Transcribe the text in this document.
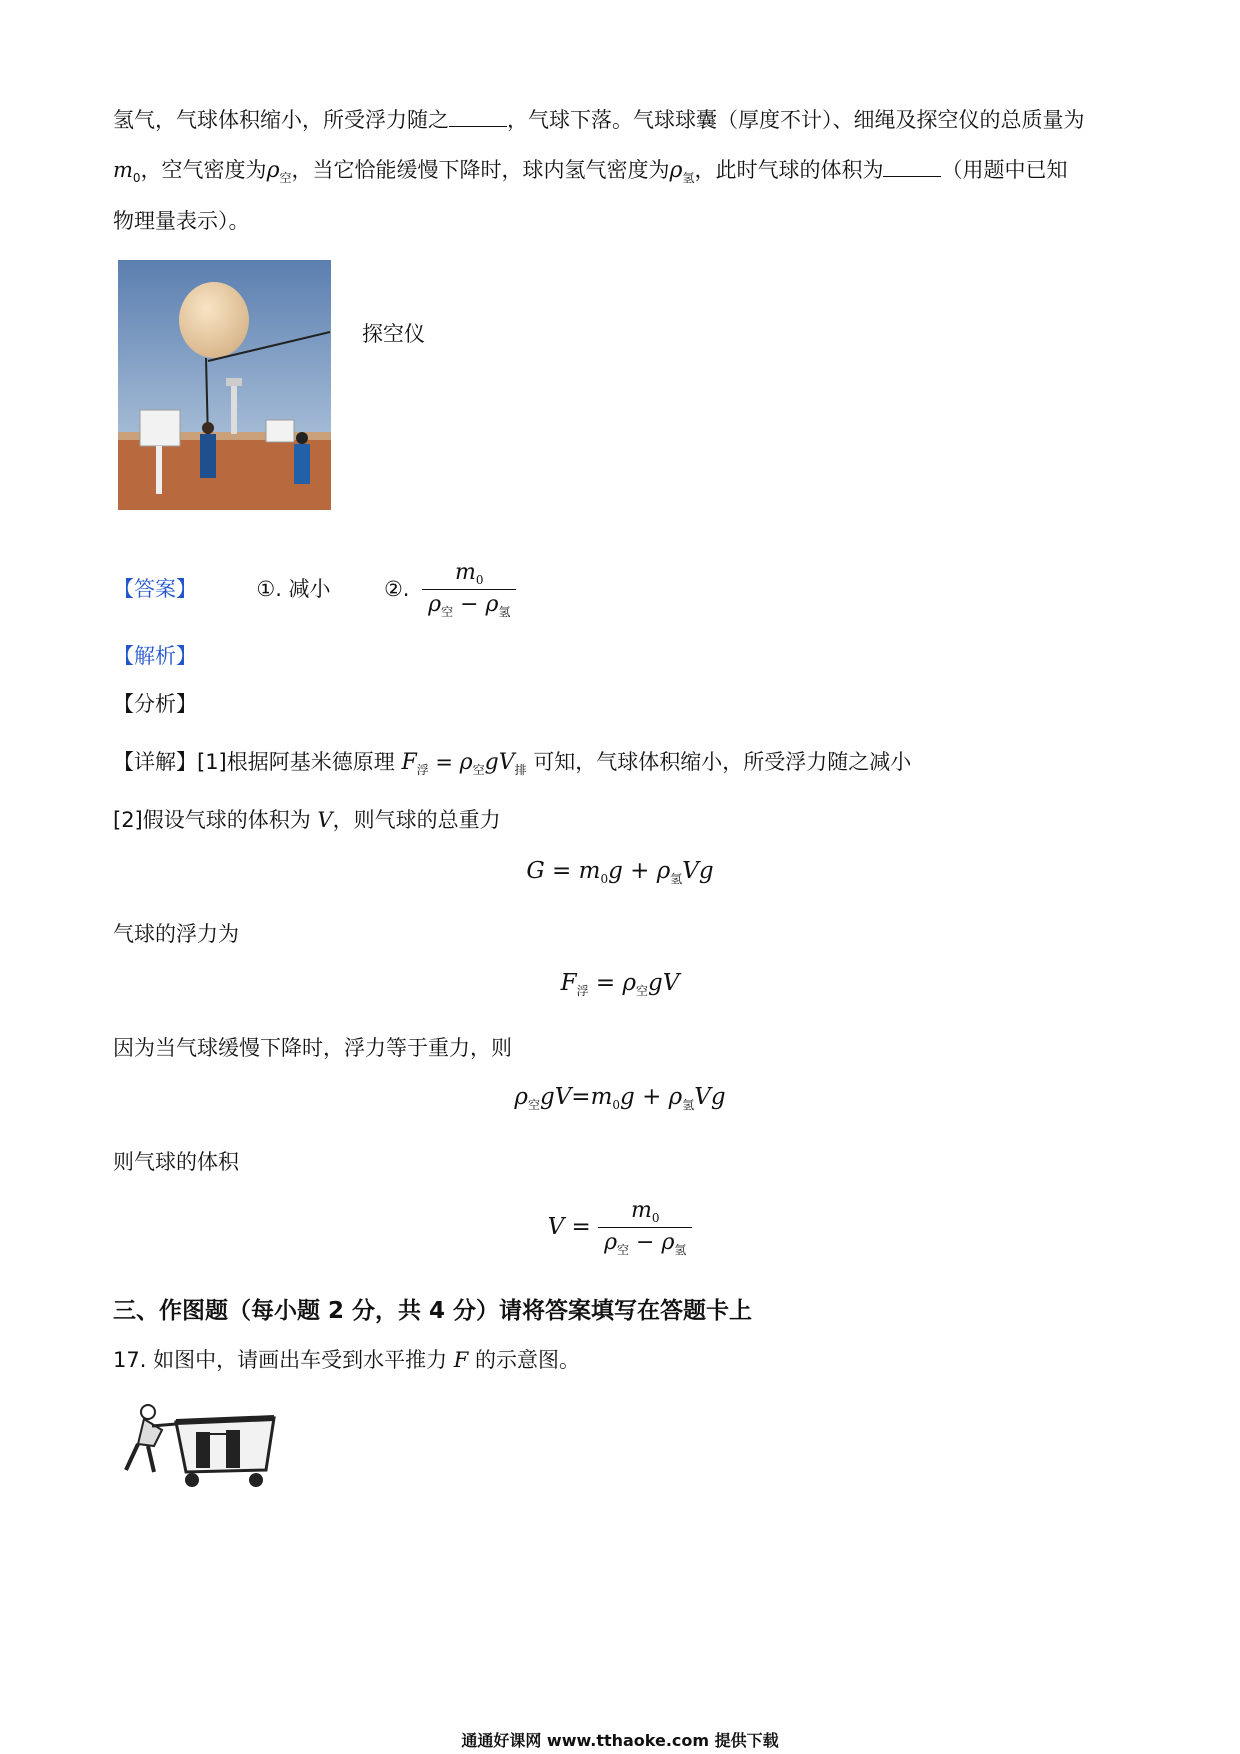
氢气，气球体积缩小，所受浮力随之	，气球下落。气球球囊（厚度不计）、细绳及探空仪的总质量为
$m_0$，空气密度为$\rho_空$，当它恰能缓慢下降时，球内氢气密度为$\rho_氢$，此时气球的体积为	（用题中已知
物理量表示）。
探空仪
【答案】	①. 减小	②. $\frac{m_0}{\rho_空 - \rho_氢}$
【解析】
【分析】
【详解】[1]根据阿基米德原理 $F_浮 = \rho_空gV_排$ 可知，气球体积缩小，所受浮力随之减小
[2]假设气球的体积为 V，则气球的总重力
$G = m_0g + \rho_氢Vg$
气球的浮力为
$F_浮 = \rho_空gV$
因为当气球缓慢下降时，浮力等于重力，则
$\rho_空gV=m_0g + \rho_氢Vg$
则气球的体积
$V = \frac{m_0}{\rho_空 - \rho_氢}$
三、作图题（每小题 2 分，共 4 分）请将答案填写在答题卡上
17. 如图中，请画出车受到水平推力 F 的示意图。
通通好课网 www.tthaoke.com 提供下载
